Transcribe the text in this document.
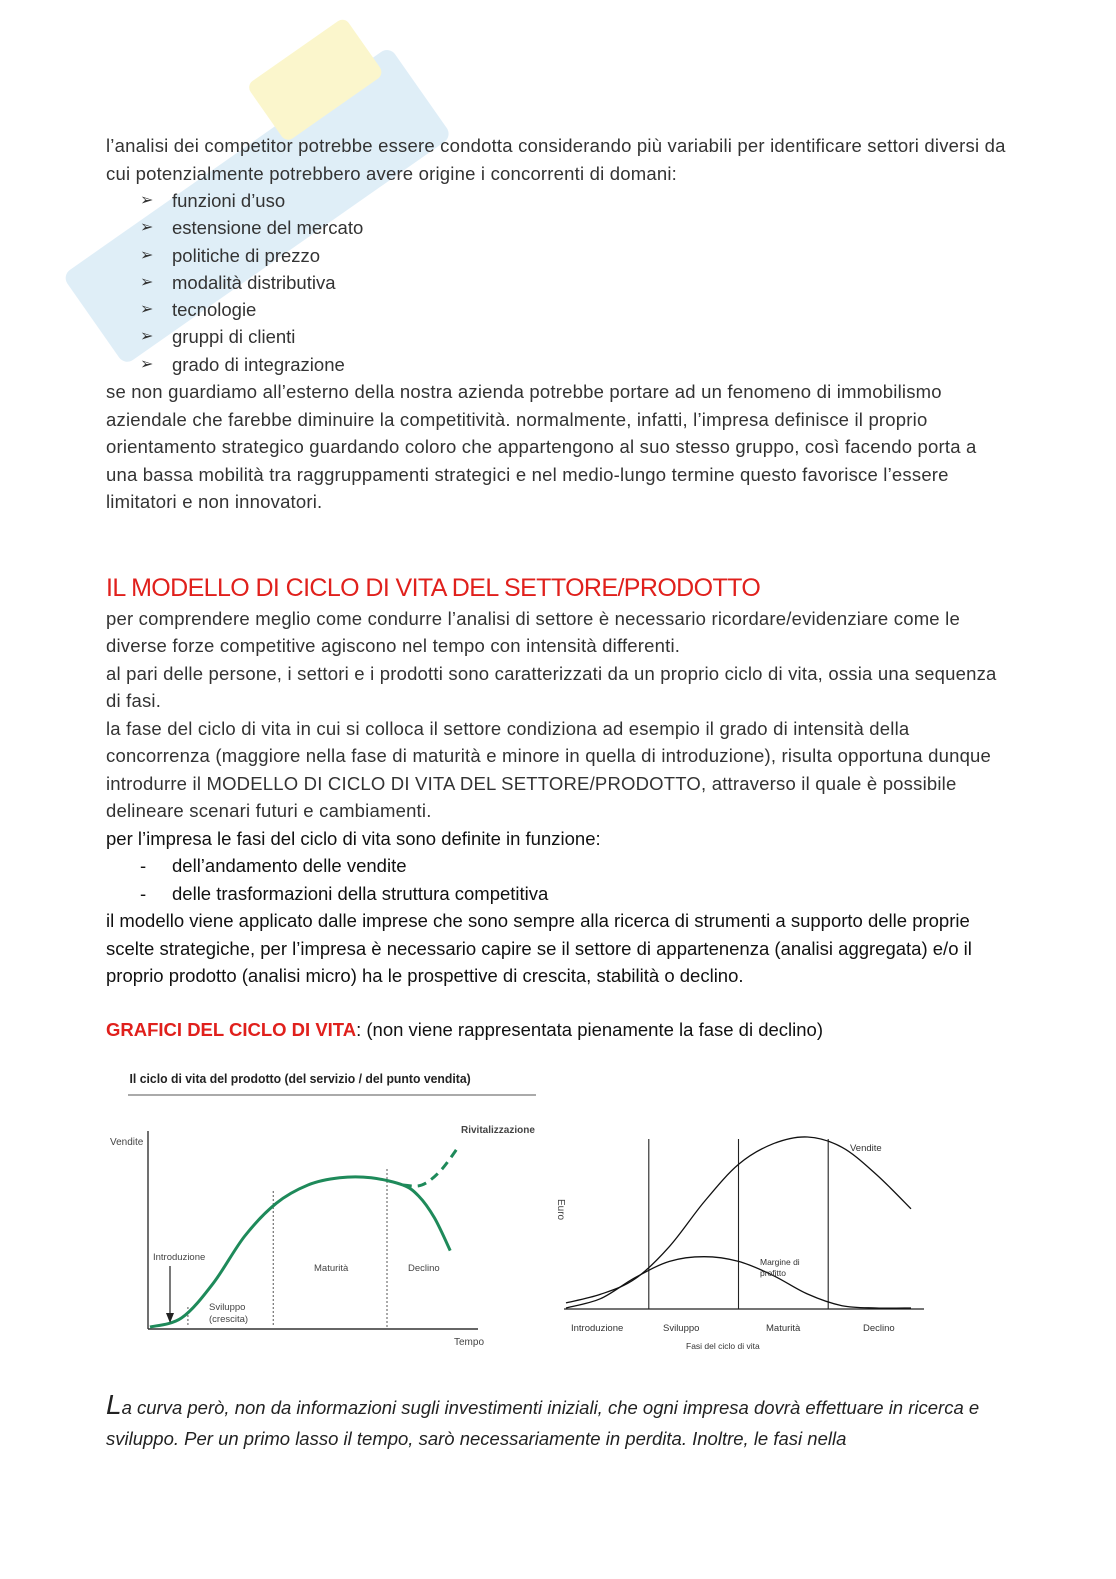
l’analisi dei competitor potrebbe essere condotta considerando più variabili per identificare settori diversi da cui potenzialmente potrebbero avere origine i concorrenti di domani:

➢ funzioni d’uso
➢ estensione del mercato
➢ politiche di prezzo
➢ modalità distributiva
➢ tecnologie
➢ gruppi di clienti
➢ grado di integrazione

se non guardiamo all’esterno della nostra azienda potrebbe portare ad un fenomeno di immobilismo aziendale che farebbe diminuire la competitività. normalmente, infatti, l’impresa definisce il proprio orientamento strategico guardando coloro che appartengono al suo stesso gruppo, così facendo porta a una bassa mobilità tra raggruppamenti strategici e nel medio-lungo termine questo favorisce l’essere limitatori e non innovatori.

IL MODELLO DI CICLO DI VITA DEL SETTORE/PRODOTTO

per comprendere meglio come condurre l’analisi di settore è necessario ricordare/evidenziare come le diverse forze competitive agiscono nel tempo con intensità differenti.

al pari delle persone, i settori e i prodotti sono caratterizzati da un proprio ciclo di vita, ossia una sequenza di fasi.

la fase del ciclo di vita in cui si colloca il settore condiziona ad esempio il grado di intensità della concorrenza (maggiore nella fase di maturità e minore in quella di introduzione), risulta opportuna dunque introdurre il MODELLO DI CICLO DI VITA DEL SETTORE/PRODOTTO, attraverso il quale è possibile delineare scenari futuri e cambiamenti.

per l’impresa le fasi del ciclo di vita sono definite in funzione:

- dell’andamento delle vendite
- delle trasformazioni della struttura competitiva

il modello viene applicato dalle imprese che sono sempre alla ricerca di strumenti a supporto delle proprie scelte strategiche, per l’impresa è necessario capire se il settore di appartenenza (analisi aggregata) e/o il proprio prodotto (analisi micro) ha le prospettive di crescita, stabilità o declino.

GRAFICI DEL CICLO DI VITA: (non viene rappresentata pienamente la fase di declino)
Il ciclo di vita del prodotto (del servizio / del punto vendita)
Vendite
Tempo
Rivitalizzazione
Introduzione
Sviluppo
(crescita)
Maturità	Declino
Euro
Vendite
Margine di
profitto
Introduzione	Sviluppo	Maturità	Declino
Fasi del ciclo di vita

La curva però, non da informazioni sugli investimenti iniziali, che ogni impresa dovrà effettuare in ricerca e sviluppo. Per un primo lasso il tempo, sarò necessariamente in perdita. Inoltre, le fasi nella
